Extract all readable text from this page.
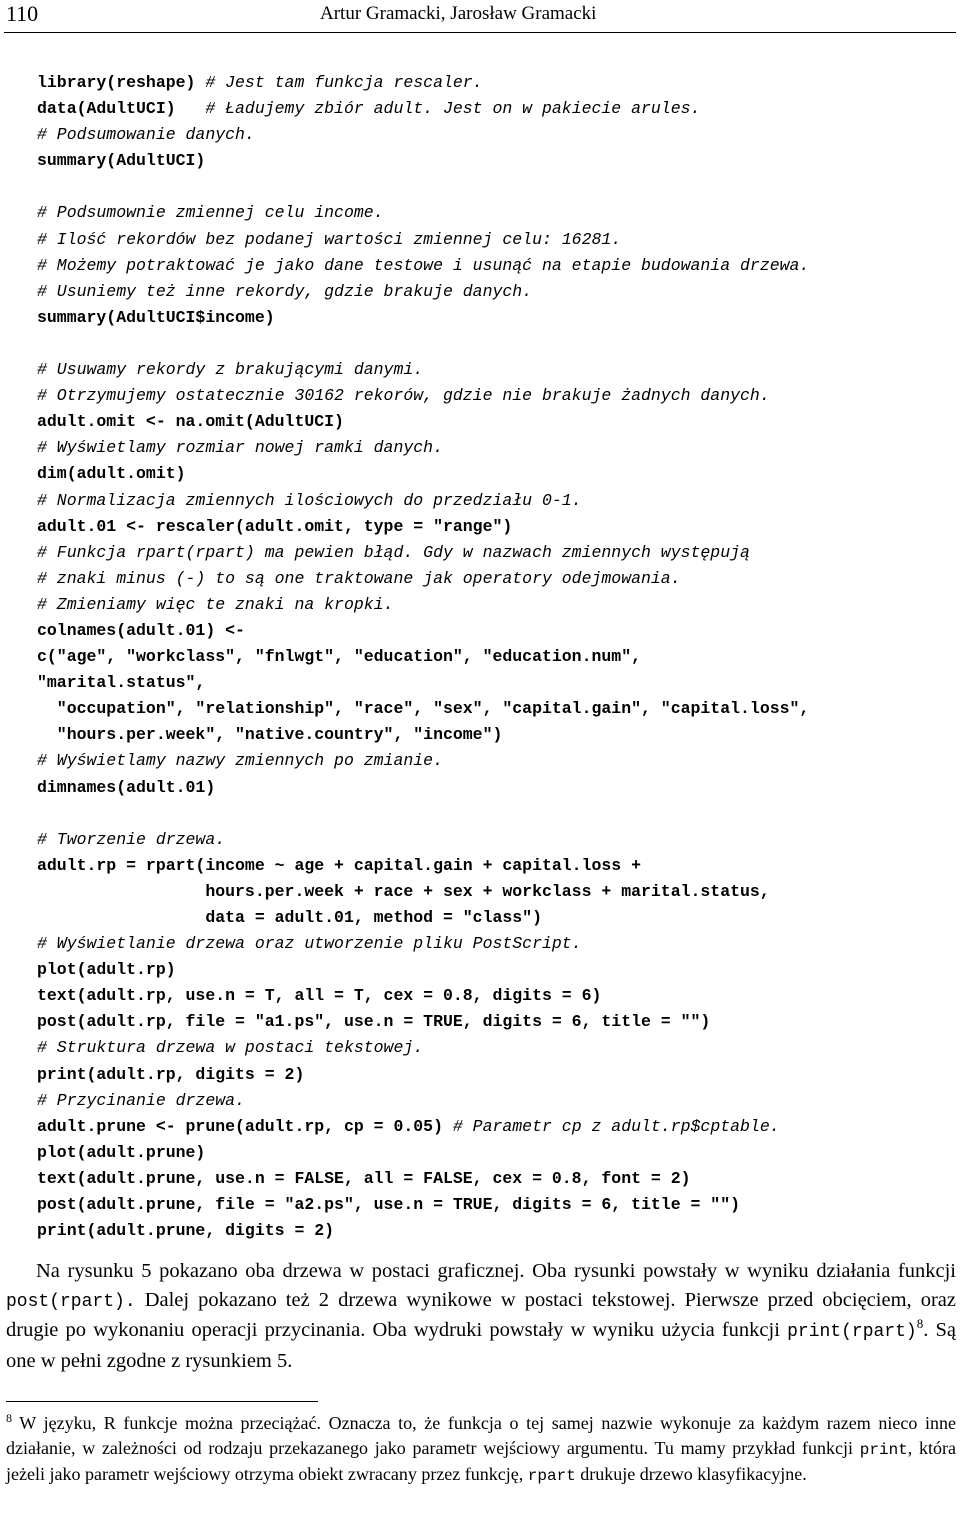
110	Artur Gramacki, Jarosław Gramacki
library(reshape) # Jest tam funkcja rescaler.
data(AdultUCI)   # Ładujemy zbiór adult. Jest on w pakiecie arules.
# Podsumowanie danych.
summary(AdultUCI)
# Podsumownie zmiennej celu income.
# Ilość rekordów bez podanej wartości zmiennej celu: 16281.
# Możemy potraktować je jako dane testowe i usunąć na etapie budowania drzewa.
# Usuniemy też inne rekordy, gdzie brakuje danych.
summary(AdultUCI$income)
# Usuwamy rekordy z brakującymi danymi.
# Otrzymujemy ostatecznie 30162 rekorów, gdzie nie brakuje żadnych danych.
adult.omit <- na.omit(AdultUCI)
# Wyświetlamy rozmiar nowej ramki danych.
dim(adult.omit)
# Normalizacja zmiennych ilościowych do przedziału 0-1.
adult.01 <- rescaler(adult.omit, type = "range")
# Funkcja rpart(rpart) ma pewien błąd. Gdy w nazwach zmiennych występują
# znaki minus (-) to są one traktowane jak operatory odejmowania.
# Zmieniamy więc te znaki na kropki.
colnames(adult.01) <-
c("age", "workclass", "fnlwgt", "education", "education.num",
"marital.status",
"occupation", "relationship", "race", "sex", "capital.gain", "capital.loss",
"hours.per.week", "native.country", "income")
# Wyświetlamy nazwy zmiennych po zmianie.
dimnames(adult.01)
# Tworzenie drzewa.
adult.rp = rpart(income ~ age + capital.gain + capital.loss +
hours.per.week + race + sex + workclass + marital.status,
data = adult.01, method = "class")
# Wyświetlanie drzewa oraz utworzenie pliku PostScript.
plot(adult.rp)
text(adult.rp, use.n = T, all = T, cex = 0.8, digits = 6)
post(adult.rp, file = "a1.ps", use.n = TRUE, digits = 6, title = "")
# Struktura drzewa w postaci tekstowej.
print(adult.rp, digits = 2)
# Przycinanie drzewa.
adult.prune <- prune(adult.rp, cp = 0.05) # Parametr cp z adult.rp$cptable.
plot(adult.prune)
text(adult.prune, use.n = FALSE, all = FALSE, cex = 0.8, font = 2)
post(adult.prune, file = "a2.ps", use.n = TRUE, digits = 6, title = "")
print(adult.prune, digits = 2)

Na rysunku 5 pokazano oba drzewa w postaci graficznej. Oba rysunki powstały w wyniku działania funkcji post(rpart). Dalej pokazano też 2 drzewa wynikowe w postaci tekstowej. Pierwsze przed obcięciem, oraz drugie po wykonaniu operacji przycinania. Oba wydruki powstały w wyniku użycia funkcji print(rpart)$^8$. Są one w pełni zgodne z rysunkiem 5.

$^8$ W języku, R funkcje można przeciążać. Oznacza to, że funkcja o tej samej nazwie wykonuje za każdym razem nieco inne działanie, w zależności od rodzaju przekazanego jako parametr wejściowy argumentu. Tu mamy przykład funkcji print, która jeżeli jako parametr wejściowy otrzyma obiekt zwracany przez funkcję, rpart drukuje drzewo klasyfikacyjne.
